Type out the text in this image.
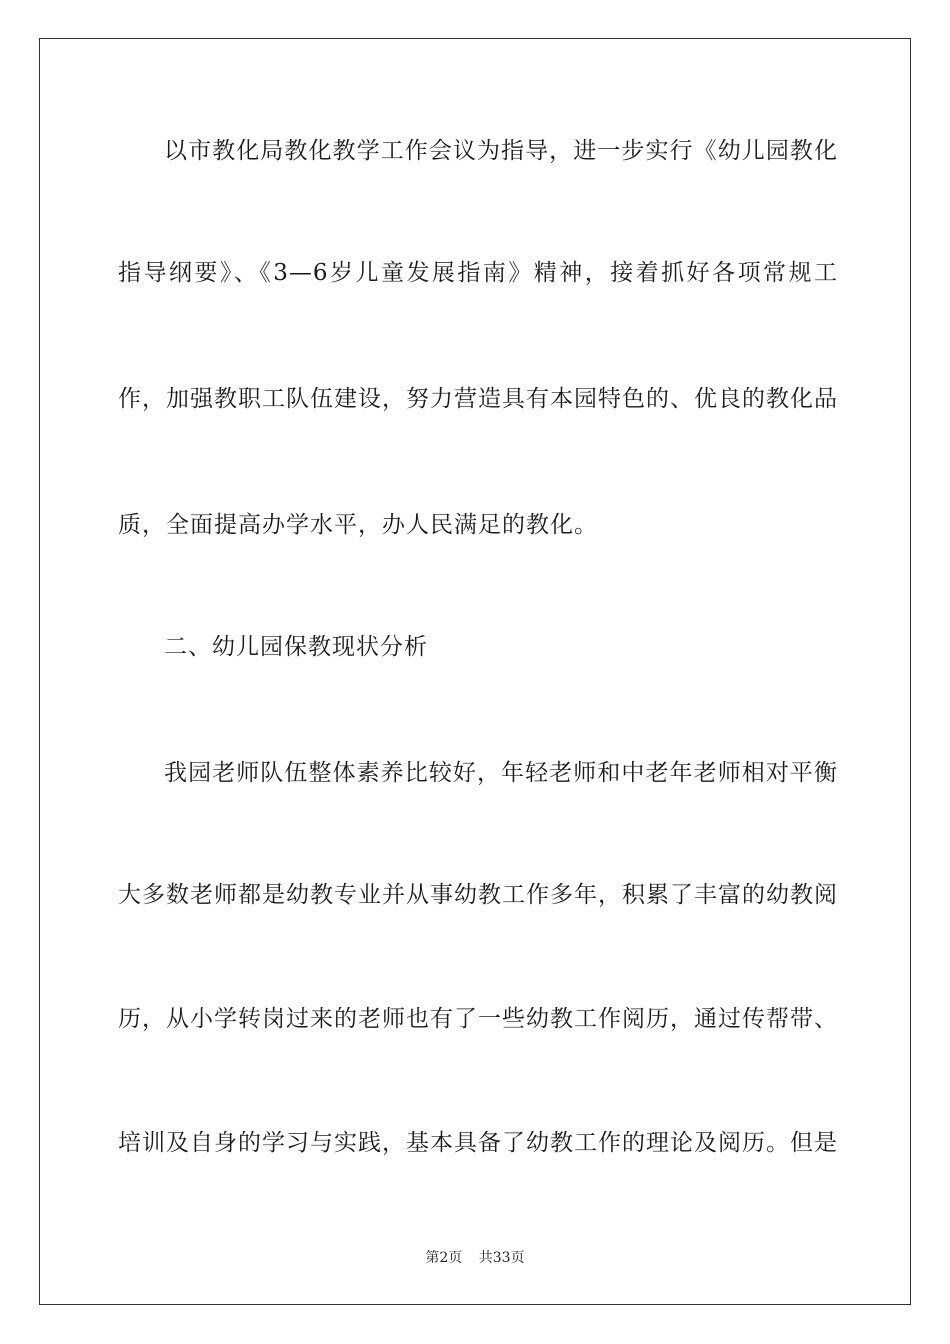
以市教化局教化教学工作会议为指导，进一步实行《幼儿园教化
指导纲要》、《3—6岁儿童发展指南》精神，接着抓好各项常规工
作，加强教职工队伍建设，努力营造具有本园特色的、优良的教化品
质，全面提高办学水平，办人民满足的教化。
二、幼儿园保教现状分析
我园老师队伍整体素养比较好，年轻老师和中老年老师相对平衡
大多数老师都是幼教专业并从事幼教工作多年，积累了丰富的幼教阅
历，从小学转岗过来的老师也有了一些幼教工作阅历，通过传帮带、
培训及自身的学习与实践，基本具备了幼教工作的理论及阅历。但是
第2页 共33页
